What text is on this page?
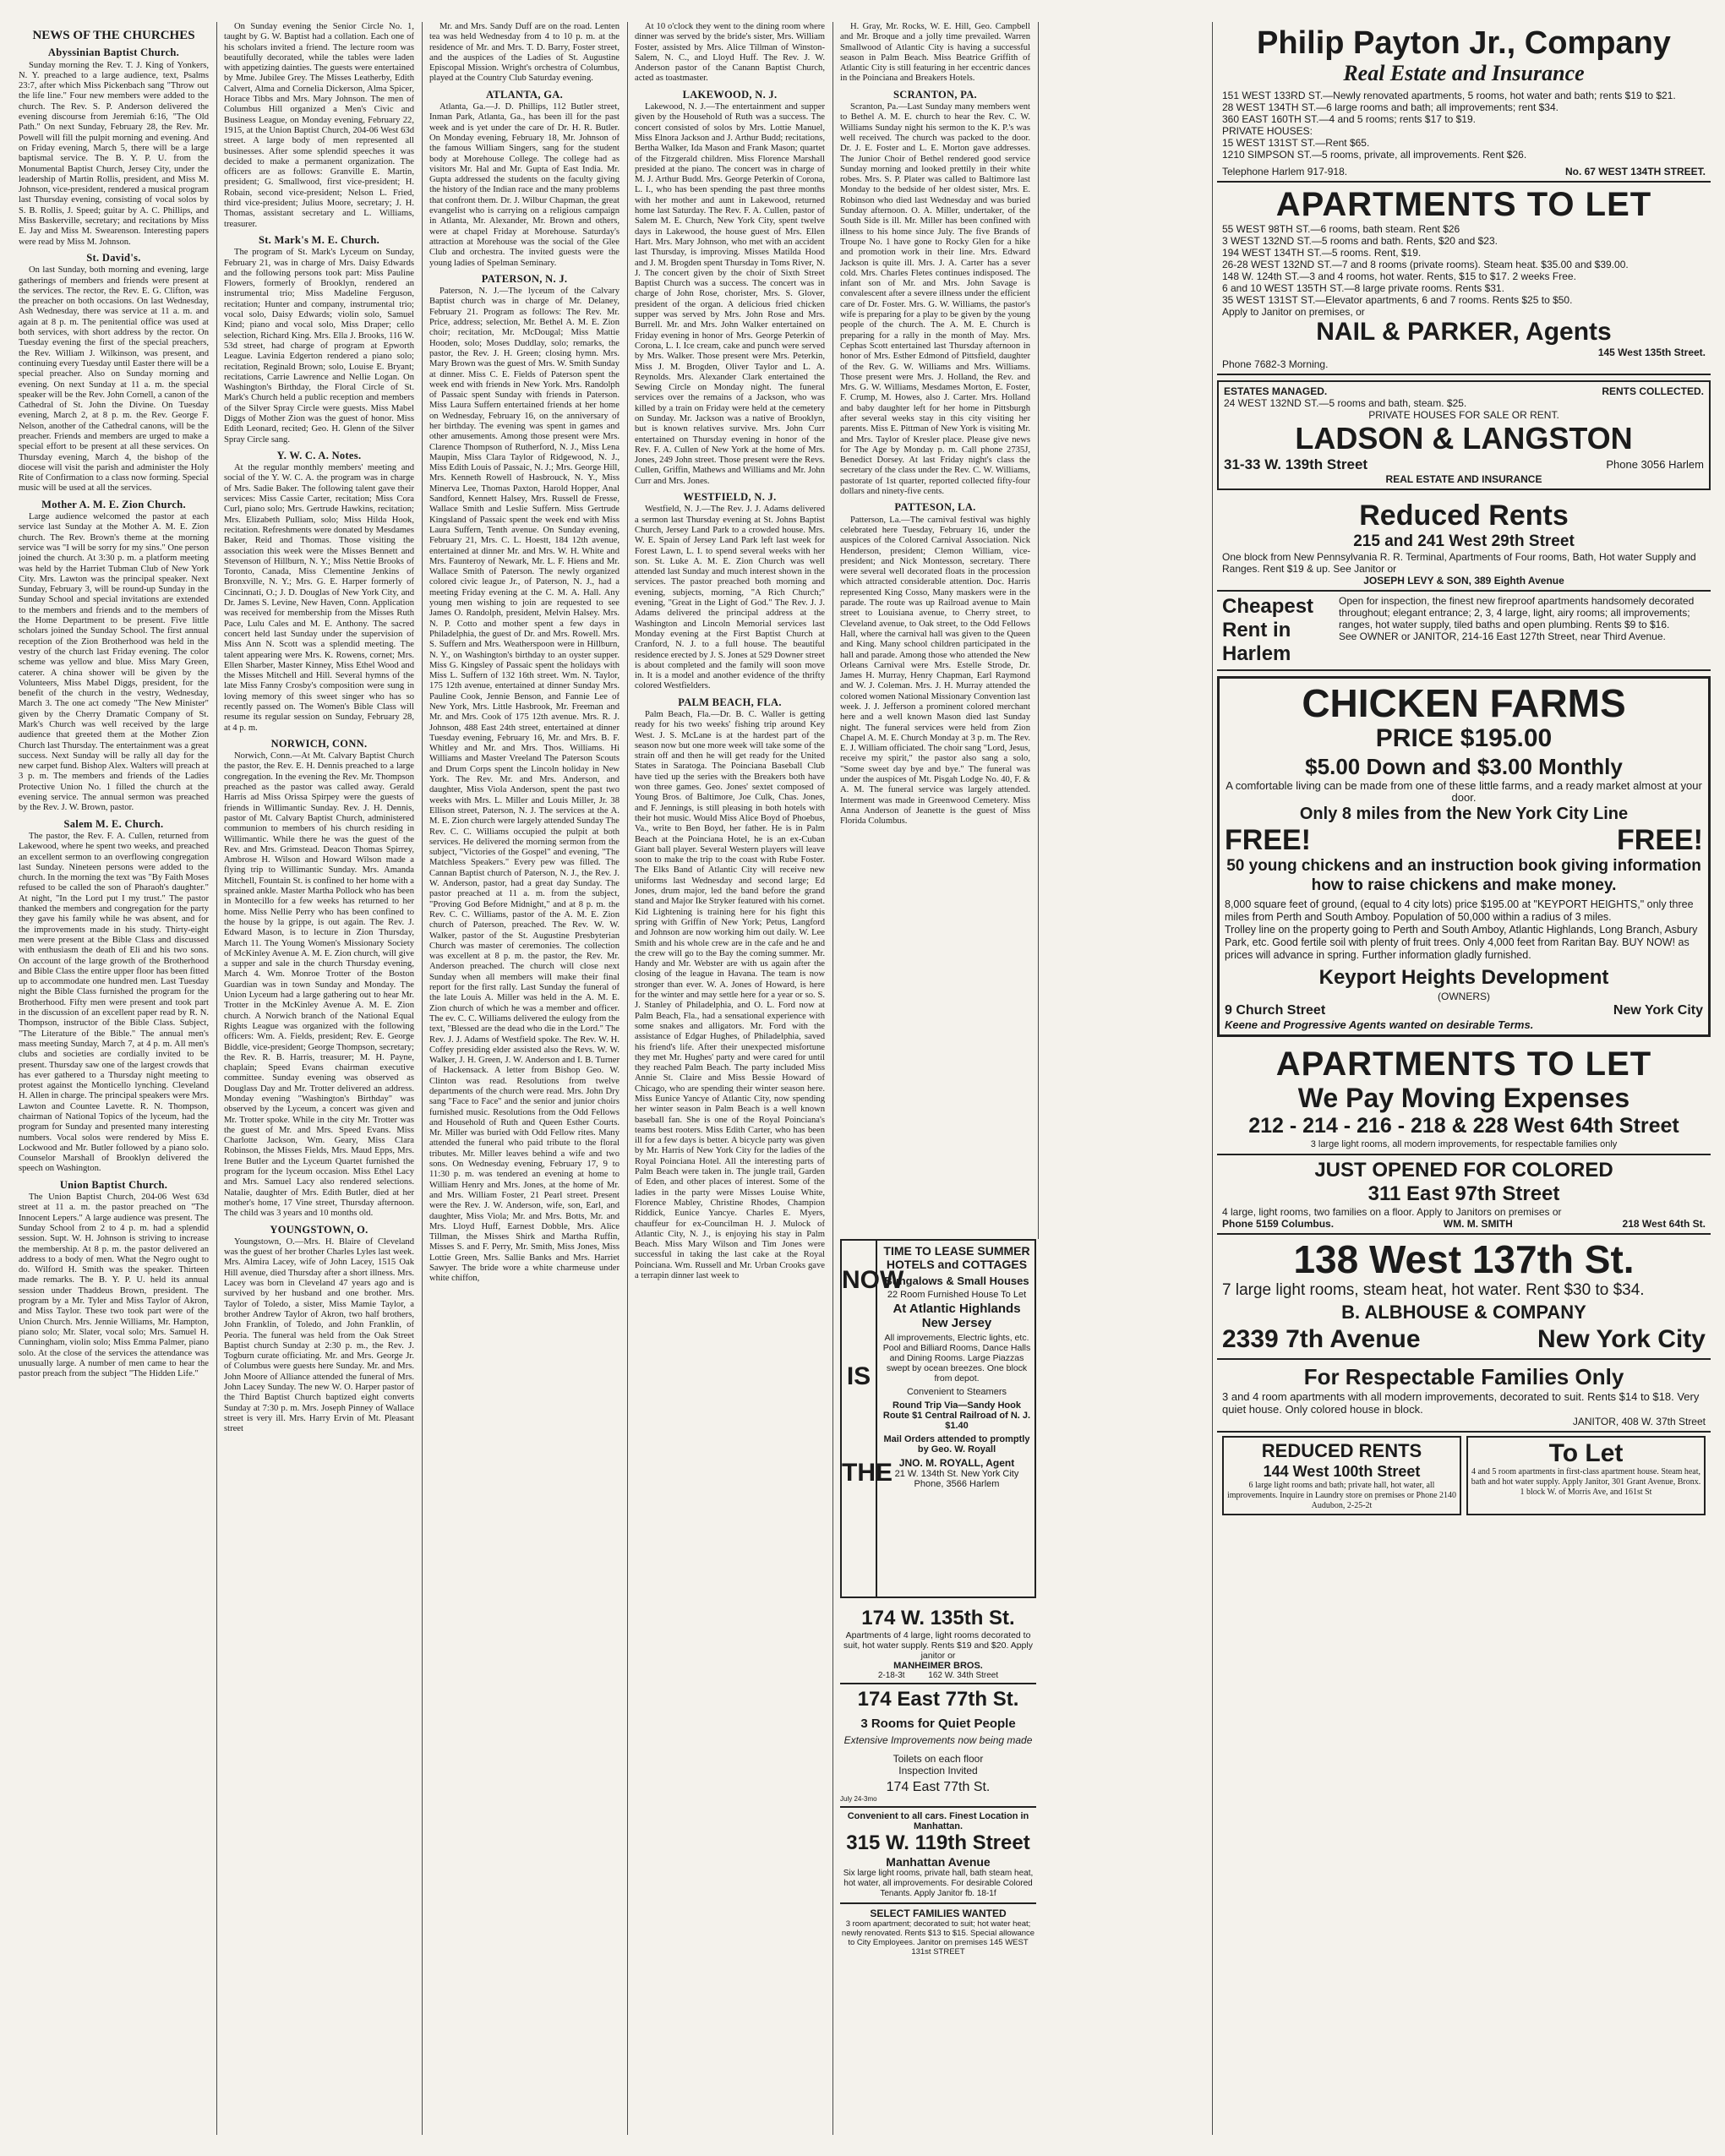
NEWS OF THE CHURCHES
Abyssinian Baptist Church.

Sunday morning the Rev. T. J. King of Yonkers, N. Y. preached to a large audience, text, Psalms 23:7, after which Miss Pickenbach sang "Throw out the life line." Four new members were added to the church. The Rev. S. P. Anderson delivered the evening discourse from Jeremiah 6:16, "The Old Path." On next Sunday, February 28, the Rev. Mr. Powell will fill the pulpit morning and evening. And on Friday evening, March 5, there will be a large baptismal service. The B. Y. P. U. from the Monumental Baptist Church, Jersey City, under the leadership of Martin Rollis, president, and Miss M. Johnson, vice-president, rendered a musical program last Thursday evening, consisting of vocal solos by S. B. Rollis, J. Speed; guitar by A. C. Phillips, and Miss Baskerville, secretary; and recitations by Miss E. Jay and Miss M. Swearenson. Interesting papers were read by Miss M. Johnson.

St. David's.

On last Sunday, both morning and evening, large gatherings of members and friends were present at the services. The rector, the Rev. E. G. Clifton, was the preacher on both occasions. On last Wednesday, Ash Wednesday, there was service at 11 a. m. and again at 8 p. m. The penitential office was used at both services, with short address by the rector. On Tuesday evening the first of the special preachers, the Rev. William J. Wilkinson, was present, and continuing every Tuesday until Easter there will be a special preacher. Also on Sunday morning and evening. On next Sunday at 11 a. m. the special speaker will be the Rev. John Cornell, a canon of the Cathedral of St. John the Divine. On Tuesday evening, March 2, at 8 p. m. the Rev. George F. Nelson, another of the Cathedral canons, will be the preacher. Friends and members are urged to make a special effort to be present at all these services. On Thursday evening, March 4, the bishop of the diocese will visit the parish and administer the Holy Rite of Confirmation to a class now forming. Special music will be used at all the services.

Mother A. M. E. Zion Church.

Large audience welcomed the pastor at each service last Sunday at the Mother A. M. E. Zion church. The Rev. Brown's theme at the morning service was "I will be sorry for my sins." One person joined the church. At 3:30 p. m. a platform meeting was held by the Harriet Tubman Club of New York City. Mrs. Lawton was the principal speaker. Next Sunday, February 3, will be round-up Sunday in the Sunday School and special invitations are extended to the members and friends and to the members of the Home Department to be present. Five little scholars joined the Sunday School. The first annual reception of the Zion Brotherhood was held in the vestry of the church last Friday evening. The color scheme was yellow and blue. Miss Mary Green, caterer. A china shower will be given by the Volunteers, Miss Mabel Diggs, president, for the benefit of the church in the vestry, Wednesday, March 3. The one act comedy "The New Minister" given by the Cherry Dramatic Company of St. Mark's Church was well received by the large audience that greeted them at the Mother Zion Church last Thursday. The entertainment was a great success. Next Sunday will be rally all day for the new carpet fund. Bishop Alex. Walters will preach at 3 p. m. The members and friends of the Ladies Protective Union No. 1 filled the church at the evening service. The annual sermon was preached by the Rev. J. W. Brown, pastor.

Salem M. E. Church.

The pastor, the Rev. F. A. Cullen, returned from Lakewood, where he spent two weeks, and preached an excellent sermon to an overflowing congregation last Sunday. Nineteen persons were added to the church. In the morning the text was "By Faith Moses refused to be called the son of Pharaoh's daughter." At night, "In the Lord put I my trust." The pastor thanked the members and congregation for the party they gave his family while he was absent, and for the improvements made in his study. Thirty-eight men were present at the Bible Class and discussed with enthusiasm the death of Eli and his two sons. On account of the large growth of the Brotherhood and Bible Class the entire upper floor has been fitted up to accommodate one hundred men. Last Tuesday night the Bible Class furnished the program for the Brotherhood. Fifty men were present and took part in the discussion of an excellent paper read by R. N. Thompson, instructor of the Bible Class. Subject, "The Literature of the Bible." The annual men's mass meeting Sunday, March 7, at 4 p. m. All men's clubs and societies are cordially invited to be present. Thursday saw one of the largest crowds that has ever gathered to a Thursday night meeting to protest against the Monticello lynching. Cleveland H. Allen in charge. The principal speakers were Mrs. Lawton and Countee Lavette. R. N. Thompson, chairman of National Topics of the lyceum, had the program for Sunday and presented many interesting numbers. Vocal solos were rendered by Miss E. Lockwood and Mr. Butler followed by a piano solo. Counselor Marshall of Brooklyn delivered the speech on Washington.

Union Baptist Church.

The Union Baptist Church, 204-06 West 63d street at 11 a. m. the pastor preached on "The Innocent Lepers." A large audience was present. The Sunday School from 2 to 4 p. m. had a splendid session. Supt. W. H. Johnson is striving to increase the membership. At 8 p. m. the pastor delivered an address to a body of men. What the Negro ought to do. Wilford H. Smith was the speaker. Thirteen made remarks. The B. Y. P. U. held its annual session under Thaddeus Brown, president. The program by a Mr. Tyler and Miss Taylor of Akron, and Miss Taylor. These two took part were of the Union Church. Mrs. Jennie Williams, Mr. Hampton, piano solo; Mr. Slater, vocal solo; Mrs. Samuel H. Cunningham, violin solo; Miss Emma Palmer, piano solo. At the close of the services the attendance was unusually large. A number of men came to hear the pastor preach from the subject "The Hidden Life."

On Sunday evening the Senior Circle No. 1, taught by G. W. Baptist had a collation. Each one of his scholars invited a friend. The lecture room was beautifully decorated, while the tables were laden with appetizing dainties. The guests were entertained by Mme. Jubilee Grey. The Misses Leatherby, Edith Calvert, Alma and Cornelia Dickerson, Alma Spicer, Horace Tibbs and Mrs. Mary Johnson. The men of Columbus Hill organized a Men's Civic and Business League, on Monday evening, February 22, 1915, at the Union Baptist Church, 204-06 West 63d street. A large body of men represented all businesses. After some splendid speeches it was decided to make a permanent organization. The officers are as follows: Granville E. Martin, president; G. Smallwood, first vice-president; H. Robain, second vice-president; Nelson L. Fried, third vice-president; Julius Moore, secretary; J. H. Thomas, assistant secretary and L. Williams, treasurer.

St. Mark's M. E. Church.

The program of St. Mark's Lyceum on Sunday, February 21, was in charge of Mrs. Daisy Edwards and the following persons took part: Miss Pauline Flowers, formerly of Brooklyn, rendered an instrumental trio; Miss Madeline Ferguson, recitation; Hunter and company, instrumental trio; vocal solo, Daisy Edwards; violin solo, Samuel Kind; piano and vocal solo, Miss Draper; cello selection, Richard King. Mrs. Ella J. Brooks, 116 W. 53d street, had charge of program at Epworth League. Lavinia Edgerton rendered a piano solo; recitation, Reginald Brown; solo, Louise E. Bryant; recitations, Carrie Lawrence and Nellie Logan. On Washington's Birthday, the Floral Circle of St. Mark's Church held a public reception and members of the Silver Spray Circle were guests. Miss Mabel Diggs of Mother Zion was the guest of honor. Miss Edith Leonard, recited; Geo. H. Glenn of the Silver Spray Circle sang.

Y. W. C. A. Notes.

At the regular monthly members' meeting and social of the Y. W. C. A. the program was in charge of Mrs. Sadie Baker. The following talent gave their services: Miss Cassie Carter, recitation; Miss Cora Curl, piano solo; Mrs. Gertrude Hawkins, recitation; Mrs. Elizabeth Pulliam, solo; Miss Hilda Hook, recitation. Refreshments were donated by Mesdames Baker, Reid and Thomas. Those visiting the association this week were the Misses Bennett and Stevenson of Hillburn, N. Y.; Miss Nettie Brooks of Toronto, Canada, Miss Clementine Jenkins of Bronxville, N. Y.; Mrs. G. E. Harper formerly of Cincinnati, O.; J. D. Douglas of New York City, and Dr. James S. Levine, New Haven, Conn. Application was received for membership from the Misses Ruth Pace, Lulu Cales and M. E. Anthony. The sacred concert held last Sunday under the supervision of Miss Ann N. Scott was a splendid meeting. The talent appearing were Mrs. K. Rowens, cornet; Mrs. Ellen Sharber, Master Kinney, Miss Ethel Wood and the Misses Mitchell and Hill. Several hymns of the late Miss Fanny Crosby's composition were sung in loving memory of this sweet singer who has so recently passed on. The Women's Bible Class will resume its regular session on Sunday, February 28, at 4 p. m.

NORWICH, CONN.

Norwich, Conn.—At Mt. Calvary Baptist Church the pastor, the Rev. E. H. Dennis preached to a large congregation. In the evening the Rev. Mr. Thompson preached as the pastor was called away. Gerald Harris ad Miss Orissa Spirpey were the guests of friends in Willimantic Sunday. Rev. J. H. Dennis, pastor of Mt. Calvary Baptist Church, administered communion to members of his church residing in Willimantic. While there he was the guest of the Rev. and Mrs. Grimstead. Deacon Thomas Spirrey, Ambrose H. Wilson and Howard Wilson made a flying trip to Willimantic Sunday. Mrs. Amanda Mitchell, Fountain St. is confined to her home with a sprained ankle. Master Martha Pollock who has been in Montecillo for a few weeks has returned to her home. Miss Nellie Perry who has been confined to the house by la grippe, is out again. The Rev. J. Edward Mason, is to lecture in Zion Thursday, March 11. The Young Women's Missionary Society of McKinley Avenue A. M. E. Zion church, will give a supper and sale in the church Thursday evening, March 4. Wm. Monroe Trotter of the Boston Guardian was in town Sunday and Monday. The Union Lyceum had a large gathering out to hear Mr. Trotter in the McKinley Avenue A. M. E. Zion church. A Norwich branch of the National Equal Rights League was organized with the following officers: Wm. A. Fields, president; Rev. E. George Biddle, vice-president; George Thompson, secretary; the Rev. R. B. Harris, treasurer; M. H. Payne, chaplain; Speed Evans chairman executive committee. Sunday evening was observed as Douglass Day and Mr. Trotter delivered an address. Monday evening "Washington's Birthday" was observed by the Lyceum, a concert was given and Mr. Trotter spoke. While in the city Mr. Trotter was the guest of Mr. and Mrs. Speed Evans. Miss Charlotte Jackson, Wm. Geary, Miss Clara Robinson, the Misses Fields, Mrs. Maud Epps, Mrs. Irene Butler and the Lyceum Quartet furnished the program for the lyceum occasion. Miss Ethel Lacy and Mrs. Samuel Lacy also rendered selections. Natalie, daughter of Mrs. Edith Butler, died at her mother's home, 17 Vine street, Thursday afternoon. The child was 3 years and 10 months old.

YOUNGSTOWN, O.

Youngstown, O.—Mrs. H. Blaire of Cleveland was the guest of her brother Charles Lyles last week. Mrs. Almira Lacey, wife of John Lacey, 1515 Oak Hill avenue, died Thursday after a short illness. Mrs. Lacey was born in Cleveland 47 years ago and is survived by her husband and one brother. Mrs. Taylor of Toledo, a sister, Miss Mamie Taylor, a brother Andrew Taylor of Akron, two half brothers, John Franklin, of Toledo, and John Franklin, of Peoria. The funeral was held from the Oak Street Baptist church Sunday at 2:30 p. m., the Rev. J. Togburn curate officiating. Mr. and Mrs. George Jr. of Columbus were guests here Sunday. Mr. and Mrs. John Moore of Alliance attended the funeral of Mrs. John Lacey Sunday. The new W. O. Harper pastor of the Third Baptist Church baptized eight converts Sunday at 7:30 p. m. Mrs. Joseph Pinney of Wallace street is very ill. Mrs. Harry Ervin of Mt. Pleasant street

Mr. and Mrs. Sandy Duff are on the road. Lenten tea was held Wednesday from 4 to 10 p. m. at the residence of Mr. and Mrs. T. D. Barry, Foster street, and the auspices of the Ladies of St. Augustine Episcopal Mission. Wright's orchestra of Columbus, played at the Country Club Saturday evening.

ATLANTA, GA.

Atlanta, Ga.—J. D. Phillips, 112 Butler street, Inman Park, Atlanta, Ga., has been ill for the past week and is yet under the care of Dr. H. R. Butler. On Monday evening, February 18, Mr. Johnson of the famous William Singers, sang for the student body at Morehouse College. The college had as visitors Mr. Hal and Mr. Gupta of East India. Mr. Gupta addressed the students on the faculty giving the history of the Indian race and the many problems that confront them. Dr. J. Wilbur Chapman, the great evangelist who is carrying on a religious campaign in Atlanta, Mr. Alexander, Mr. Brown and others, were at chapel Friday at Morehouse. Saturday's attraction at Morehouse was the social of the Glee Club and orchestra. The invited guests were the young ladies of Spelman Seminary.

PATERSON, N. J.

Paterson, N. J.—The lyceum of the Calvary Baptist church was in charge of Mr. Delaney, February 21. Program as follows: The Rev. Mr. Price, address; selection, Mr. Bethel A. M. E. Zion choir; recitation, Mr. McDougal; Miss Mattie Hooden, solo; Moses Duddlay, solo; remarks, the pastor, the Rev. J. H. Green; closing hymn. Mrs. Mary Brown was the guest of Mrs. W. Smith Sunday at dinner. Miss C. E. Fields of Paterson spent the week end with friends in New York. Mrs. Randolph of Passaic spent Sunday with friends in Paterson. Miss Laura Suffern entertained friends at her home on Wednesday, February 16, on the anniversary of her birthday. The evening was spent in games and other amusements. Among those present were Mrs. Clarence Thompson of Rutherford, N. J., Miss Lena Maupin, Miss Clara Taylor of Ridgewood, N. J., Miss Edith Louis of Passaic, N. J.; Mrs. George Hill, Mrs. Kenneth Rowell of Hasbrouck, N. Y., Miss Minerva Lee, Thomas Paxton, Harold Hopper, Anal Sandford, Kennett Halsey, Mrs. Russell de Fresse, Wallace Smith and Leslie Suffern. Miss Gertrude Kingsland of Passaic spent the week end with Miss Laura Suffern, Tenth avenue. On Sunday evening, February 21, Mrs. C. L. Hoestt, 184 12th avenue, entertained at dinner Mr. and Mrs. W. H. White and Mrs. Faunteroy of Newark, Mr. L. F. Hiens and Mr. Wallace Smith of Paterson. The newly organized colored civic league Jr., of Paterson, N. J., had a meeting Friday evening at the C. M. A. Hall. Any young men wishing to join are requested to see James O. Randolph, president, Melvin Halsey. Mrs. N. P. Cotto and mother spent a few days in Philadelphia, the guest of Dr. and Mrs. Rowell. Mrs. S. Suffern and Mrs. Weatherspoon were in Hillburn, N. Y., on Washington's birthday to an oyster supper. Miss G. Kingsley of Passaic spent the holidays with Miss L. Suffern of 132 16th street. Wm. N. Taylor, 175 12th avenue, entertained at dinner Sunday Mrs. Pauline Cook, Jennie Benson, and Fannie Lee of New York, Mrs. Little Hasbrook, Mr. Freeman and Mr. and Mrs. Cook of 175 12th avenue. Mrs. R. J. Johnson, 488 East 24th street, entertained at dinner Tuesday evening, February 16, Mr. and Mrs. B. F. Whitley and Mr. and Mrs. Thos. Williams. Hi Williams and Master Vreeland The Paterson Scouts and Drum Corps spent the Lincoln holiday in New York. The Rev. Mr. and Mrs. Anderson, and daughter, Miss Viola Anderson, spent the past two weeks with Mrs. L. Miller and Louis Miller, Jr. 38 Ellison street, Paterson, N. J. The services at the A. M. E. Zion church were largely attended Sunday The Rev. C. C. Williams occupied the pulpit at both services. He delivered the morning sermon from the subject, "Victories of the Gospel" and evening, "The Matchless Speakers." Every pew was filled. The Cannan Baptist church of Paterson, N. J., the Rev. J. W. Anderson, pastor, had a great day Sunday. The pastor preached at 11 a. m. from the subject, "Proving God Before Midnight," and at 8 p. m. the Rev. C. C. Williams, pastor of the A. M. E. Zion church of Paterson, preached. The Rev. W. W. Walker, pastor of the St. Augustine Presbyterian Church was master of ceremonies. The collection was excellent at 8 p. m. the pastor, the Rev. Mr. Anderson preached. The church will close next Sunday when all members will make their final report for the first rally. Last Sunday the funeral of the late Louis A. Miller was held in the A. M. E. Zion church of which he was a member and officer. The ev. C. C. Williams delivered the eulogy from the text, "Blessed are the dead who die in the Lord." The Rev. J. J. Adams of Westfield spoke. The Rev. W. H. Coffey presiding elder assisted also the Revs. W. W. Walker, J. H. Green, J. W. Anderson and I. B. Turner of Hackensack. A letter from Bishop Geo. W. Clinton was read. Resolutions from twelve departments of the church were read. Mrs. John Dry sang "Face to Face" and the senior and junior choirs furnished music. Resolutions from the Odd Fellows and Household of Ruth and Queen Esther Courts. Mr. Miller was buried with Odd Fellow rites. Many attended the funeral who paid tribute to the floral tributes. Mr. Miller leaves behind a wife and two sons. On Wednesday evening, February 17, 9 to 11:30 p. m. was tendered an evening at home to William Henry and Mrs. Jones, at the home of Mr. and Mrs. William Foster, 21 Pearl street. Present were the Rev. J. W. Anderson, wife, son, Earl, and daughter, Miss Viola; Mr. and Mrs. Botts, Mr. and Mrs. Lloyd Huff, Earnest Dobble, Mrs. Alice Tillman, the Misses Shirk and Martha Ruffin, Misses S. and F. Perry, Mr. Smith, Miss Jones, Miss Lottie Green, Mrs. Sallie Banks and Mrs. Harriet Sawyer. The bride wore a white charmeuse under white chiffon,

At 10 o'clock they went to the dining room where dinner was served by the bride's sister, Mrs. William Foster, assisted by Mrs. Alice Tillman of Winston-Salem, N. C., and Lloyd Huff. The Rev. J. W. Anderson pastor of the Canann Baptist Church, acted as toastmaster.

LAKEWOOD, N. J.

Lakewood, N. J.—The entertainment and supper given by the Household of Ruth was a success. The concert consisted of solos by Mrs. Lottie Manuel, Miss Elnora Jackson and J. Arthur Budd; recitations, Bertha Walker, Ida Mason and Frank Mason; quartet of the Fitzgerald children. Miss Florence Marshall presided at the piano. The concert was in charge of M. J. Arthur Budd. Mrs. George Peterkin of Corona, L. I., who has been spending the past three months with her mother and aunt in Lakewood, returned home last Saturday. The Rev. F. A. Cullen, pastor of Salem M. E. Church, New York City, spent twelve days in Lakewood, the house guest of Mrs. Ellen Hart. Mrs. Mary Johnson, who met with an accident last Thursday, is improving. Misses Matilda Hood and J. M. Brogden spent Thursday in Toms River, N. J. The concert given by the choir of Sixth Street Baptist Church was a success. The concert was in charge of John Rose, chorister, Mrs. S. Glover, president of the organ. A delicious fried chicken supper was served by Mrs. John Rose and Mrs. Burrell. Mr. and Mrs. John Walker entertained on Friday evening in honor of Mrs. George Peterkin of Corona, L. I. Ice cream, cake and punch were served by Mrs. Walker. Those present were Mrs. Peterkin, Miss J. M. Brogden, Oliver Taylor and L. A. Reynolds. Mrs. Alexander Clark entertained the Sewing Circle on Monday night. The funeral services over the remains of a Jackson, who was killed by a train on Friday were held at the cemetery on Sunday. Mr. Jackson was a native of Brooklyn, but is known relatives survive. Mrs. John Curr entertained on Thursday evening in honor of the Rev. F. A. Cullen of New York at the home of Mrs. Jones, 249 John street. Those present were the Revs. Cullen, Griffin, Mathews and Williams and Mr. John Curr and Mrs. Jones.

WESTFIELD, N. J.

Westfield, N. J.—The Rev. J. J. Adams delivered a sermon last Thursday evening at St. Johns Baptist Church, Jersey Land Park to a crowded house. Mrs. W. E. Spain of Jersey Land Park left last week for Forest Lawn, L. I. to spend several weeks with her son. St. Luke A. M. E. Zion Church was well attended last Sunday and much interest shown in the services. The pastor preached both morning and evening, subjects, morning, "A Rich Church;" evening, "Great in the Light of God." The Rev. J. J. Adams delivered the principal address at the Washington and Lincoln Memorial services last Monday evening at the First Baptist Church at Cranford, N. J. to a full house. The beautiful residence erected by J. S. Jones at 529 Downer street is about completed and the family will soon move in. It is a model and another evidence of the thrifty colored Westfielders.

PALM BEACH, FLA.

Palm Beach, Fla.—Dr. B. C. Waller is getting ready for his two weeks' fishing trip around Key West. J. S. McLane is at the hardest part of the season now but one more week will take some of the strain off and then he will get ready for the United States in Saratoga. The Poinciana Baseball Club have tied up the series with the Breakers both have won three games. Geo. Jones' sextet composed of Young Bros. of Baltimore, Joe Culk, Chas. Jones, and F. Jennings, is still pleasing in both hotels with their hot music. Would Miss Alice Boyd of Phoebus, Va., write to Ben Boyd, her father. He is in Palm Beach at the Poinciana Hotel, he is an ex-Cuban Giant ball player. Several Western players will leave soon to make the trip to the coast with Rube Foster. The Elks Band of Atlantic City will receive new uniforms last Wednesday and second large; Ed Jones, drum major, led the band before the grand stand and Major Ike Stryker featured with his cornet. Kid Lightening is training here for his fight this spring with Griffin of New York; Petus, Langford and Johnson are now working him out daily. W. Lee Smith and his whole crew are in the cafe and he and the crew will go to the Bay the coming summer. Mr. Handy and Mr. Webster are with us again after the closing of the league in Havana. The team is now stronger than ever. W. A. Jones of Howard, is here for the winter and may settle here for a year or so. S. J. Stanley of Philadelphia, and O. L. Ford now at Palm Beach, Fla., had a sensational experience with some snakes and alligators. Mr. Ford with the assistance of Edgar Hughes, of Philadelphia, saved his friend's life. After their unexpected misfortune they met Mr. Hughes' party and were cared for until they reached Palm Beach. The party included Miss Annie St. Claire and Miss Bessie Howard of Chicago, who are spending their winter season here. Miss Eunice Yancye of Atlantic City, now spending her winter season in Palm Beach is a well known baseball fan. She is one of the Royal Poinciana's teams best rooters. Miss Edith Carter, who has been ill for a few days is better. A bicycle party was given by Mr. Harris of New York City for the ladies of the Royal Poinciana Hotel. All the interesting parts of Palm Beach were taken in. The jungle trail, Garden of Eden, and other places of interest. Some of the ladies in the party were Misses Louise White, Florence Mabley, Christine Rhodes, Champion Riddick, Eunice Yancye. Charles E. Myers, chauffeur for ex-Councilman H. J. Mulock of Atlantic City, N. J., is enjoying his stay in Palm Beach. Miss Mary Wilson and Tim Jones were successful in taking the last cake at the Royal Poinciana. Wm. Russell and Mr. Urban Crooks gave a terrapin dinner last week to

H. Gray, Mr. Rocks, W. E. Hill, Geo. Campbell and Mr. Broque and a jolly time prevailed. Warren Smallwood of Atlantic City is having a successful season in Palm Beach. Miss Beatrice Griffith of Atlantic City is still featuring in her eccentric dances in the Poinciana and Breakers Hotels.

SCRANTON, PA.

Scranton, Pa.—Last Sunday many members went to Bethel A. M. E. church to hear the Rev. C. W. Williams Sunday night his sermon to the K. P.'s was well received. The church was packed to the door. Dr. J. E. Foster and L. E. Morton gave addresses. The Junior Choir of Bethel rendered good service Sunday morning and looked prettily in their white robes. Mrs. S. P. Plater was called to Baltimore last Monday to the bedside of her oldest sister, Mrs. E. Robinson who died last Wednesday and was buried Sunday afternoon. O. A. Miller, undertaker, of the South Side is ill. Mr. Miller has been confined with illness to his home since July. The five Brands of Troupe No. 1 have gone to Rocky Glen for a hike and promotion work in their line. Mrs. Edward Jackson is quite ill. Mrs. J. A. Carter has a sever cold. Mrs. Charles Fletes continues indisposed. The infant son of Mr. and Mrs. John Savage is convalescent after a severe illness under the efficient care of Dr. Foster. Mrs. G. W. Williams, the pastor's wife is preparing for a play to be given by the young people of the church. The A. M. E. Church is preparing for a rally in the month of May. Mrs. Cephas Scott entertained last Thursday afternoon in honor of Mrs. Esther Edmond of Pittsfield, daughter of the Rev. G. W. Williams and Mrs. Williams. Those present were Mrs. J. Holland, the Rev. and Mrs. G. W. Williams, Mesdames Morton, E. Foster, F. Crump, M. Howes, also J. Carter. Mrs. Holland and baby daughter left for her home in Pittsburgh after several weeks stay in this city visiting her parents. Miss E. Pittman of New York is visiting Mr. and Mrs. Taylor of Kresler place. Please give news for The Age by Monday p. m. Call phone 2735J, Benedict Dorsey. At last Friday night's class the secretary of the class under the Rev. C. W. Williams, pastorate of 1st quarter, reported collected fifty-four dollars and ninety-five cents.

PATTESON, LA.

Patterson, La.—The carnival festival was highly celebrated here Tuesday, February 16, under the auspices of the Colored Carnival Association. Nick Henderson, president; Clemon William, vice-president; and Nick Montesson, secretary. There were several well decorated floats in the procession which attracted considerable attention. Doc. Harris represented King Cosso, Many maskers were in the parade. The route was up Railroad avenue to Main street to Louisiana avenue, to Cherry street, to Cleveland avenue, to Oak street, to the Odd Fellows Hall, where the carnival hall was given to the Queen and King. Many school children participated in the hall and parade. Among those who attended the New Orleans Carnival were Mrs. Estelle Strode, Dr. James H. Murray, Henry Chapman, Earl Raymond and W. J. Coleman. Mrs. J. H. Murray attended the colored women National Missionary Convention last week. J. J. Jefferson a prominent colored merchant here and a well known Mason died last Sunday night. The funeral services were held from Zion Chapel A. M. E. Church Monday at 3 p. m. The Rev. E. J. William officiated. The choir sang "Lord, Jesus, receive my spirit," the pastor also sang a solo, "Some sweet day bye and bye." The funeral was under the auspices of Mt. Pisgah Lodge No. 40, F. & A. M. The funeral service was largely attended. Interment was made in Greenwood Cemetery. Miss Anna Anderson of Jeanette is the guest of Miss Florida Columbus.

NOW
IS
THE
TIME TO LEASE SUMMER HOTELS and COTTAGES
Bungalows & Small Houses
22 Room Furnished House To Let
At Atlantic Highlands
New Jersey
All improvements, Electric lights, etc. Pool and Billiard Rooms, Dance Halls and Dining Rooms. Large Piazzas swept by ocean breezes. One block from depot.
Convenient to Steamers
Round Trip Via—Sandy Hook Route $1 Central Railroad of N. J. $1.40
Mail Orders attended to promptly by Geo. W. Royall
JNO. M. ROYALL, Agent
21 W. 134th St. New York City
Phone, 3566 Harlem
174 W. 135th St.
Apartments of 4 large, light rooms decorated to suit, hot water supply. Rents $19 and $20. Apply janitor or
MANHEIMER BROS.
2-18-3t          162 W. 34th Street
174 East 77th St.
3 Rooms for Quiet People
Extensive Improvements now being made
Toilets on each floor
Inspection Invited
174 East 77th St.
July 24-3mo
Convenient to all cars. Finest Location in Manhattan.
315 W. 119th Street
Manhattan Avenue
Six large light rooms, private hall, bath steam heat, hot water, all improvements. For desirable Colored Tenants. Apply Janitor fb. 18-1f
SELECT FAMILIES WANTED
3 room apartment; decorated to suit; hot water heat; newly renovated. Rents $13 to $15. Special allowance to City Employees. Janitor on premises 145 WEST 131st STREET
Philip Payton Jr., Company
Real Estate and Insurance
151 WEST 133RD ST.—Newly renovated apartments, 5 rooms, hot water and bath; rents $19 to $21.
28 WEST 134TH ST.—6 large rooms and bath; all improvements; rent $34.
360 EAST 160TH ST.—4 and 5 rooms; rents $17 to $19.
PRIVATE HOUSES:
15 WEST 131ST ST.—Rent $65.
1210 SIMPSON ST.—5 rooms, private, all improvements. Rent $26.
Telephone Harlem 917-918.	No. 67 WEST 134TH STREET.
APARTMENTS TO LET
55 WEST 98TH ST.—6 rooms, bath steam. Rent $26
3 WEST 132ND ST.—5 rooms and bath. Rents, $20 and $23.
194 WEST 134TH ST.—5 rooms. Rent, $19.
26-28 WEST 132ND ST.—7 and 8 rooms (private rooms). Steam heat. $35.00 and $39.00.
148 W. 124th ST.—3 and 4 rooms, hot water. Rents, $15 to $17. 2 weeks Free.
6 and 10 WEST 135TH ST.—8 large private rooms. Rents $31.
35 WEST 131ST ST.—Elevator apartments, 6 and 7 rooms. Rents $25 to $50.
Apply to Janitor on premises, or
NAIL & PARKER, Agents
145 West 135th Street.
Phone 7682-3 Morning.
ESTATES MANAGED.	RENTS COLLECTED.
24 WEST 132ND ST.—5 rooms and bath, steam. $25.
PRIVATE HOUSES FOR SALE OR RENT.
LADSON & LANGSTON
31-33 W. 139th Street	Phone 3056 Harlem
REAL ESTATE AND INSURANCE
Reduced Rents
215 and 241 West 29th Street
One block from New Pennsylvania R. R. Terminal, Apartments of Four rooms, Bath, Hot water Supply and Ranges. Rent $19 & up. See Janitor or
JOSEPH LEVY & SON, 389 Eighth Avenue
Cheapest Rent in Harlem
Open for inspection, the finest new fireproof apartments handsomely decorated throughout; elegant entrance; 2, 3, 4 large, light, airy rooms; all improvements; ranges, hot water supply, tiled baths and open plumbing. Rents $9 to $16.
See OWNER or JANITOR, 214-16 East 127th Street, near Third Avenue.
CHICKEN FARMS
PRICE $195.00
$5.00 Down and $3.00 Monthly
A comfortable living can be made from one of these little farms, and a ready market almost at your door.
Only 8 miles from the New York City Line
FREE!	FREE!
50 young chickens and an instruction book giving information how to raise chickens and make money.
8,000 square feet of ground, (equal to 4 city lots) price $195.00 at "KEYPORT HEIGHTS," only three miles from Perth and South Amboy. Population of 50,000 within a radius of 3 miles.
Trolley line on the property going to Perth and South Amboy, Atlantic Highlands, Long Branch, Asbury Park, etc. Good fertile soil with plenty of fruit trees. Only 4,000 feet from Raritan Bay. BUY NOW! as prices will advance in spring. Further information gladly furnished.
Keyport Heights Development
(OWNERS)
9 Church Street	New York City
Keene and Progressive Agents wanted on desirable Terms.
APARTMENTS TO LET
We Pay Moving Expenses
212 - 214 - 216 - 218 & 228 West 64th Street
3 large light rooms, all modern improvements, for respectable families only
JUST OPENED FOR COLORED
311 East 97th Street
4 large, light rooms, two families on a floor. Apply to Janitors on premises or
Phone 5159 Columbus.	WM. M. SMITH	218 West 64th St.
138 West 137th St.
7 large light rooms, steam heat, hot water. Rent $30 to $34.
B. ALBHOUSE & COMPANY
2339 7th Avenue	New York City
For Respectable Families Only
3 and 4 room apartments with all modern improvements, decorated to suit. Rents $14 to $18. Very quiet house. Only colored house in block.
JANITOR, 408 W. 37th Street
REDUCED RENTS
144 West 100th Street
6 large light rooms and bath; private hall, hot water, all improvements. Inquire in Laundry store on premises or Phone 2140 Audubon, 2-25-2t
To Let
4 and 5 room apartments in first-class apartment house. Steam heat, bath and hot water supply. Apply Janitor, 301 Grant Avenue, Bronx. 1 block W. of Morris Ave, and 161st St
